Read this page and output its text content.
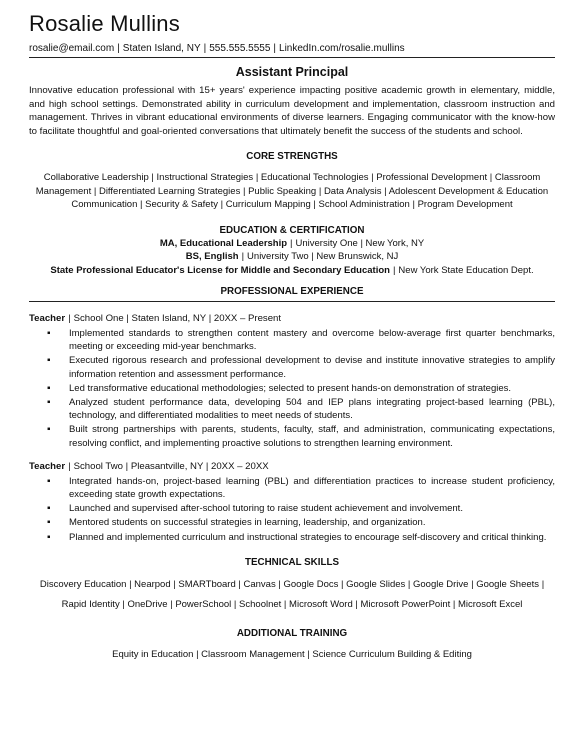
Rosalie Mullins
rosalie@email.com | Staten Island, NY | 555.555.5555 | LinkedIn.com/rosalie.mullins
Assistant Principal
Innovative education professional with 15+ years' experience impacting positive academic growth in elementary, middle, and high school settings. Demonstrated ability in curriculum development and implementation, classroom instruction and management. Thrives in vibrant educational environments of diverse learners. Engaging communicator with the know-how to facilitate thoughtful and goal-oriented conversations that ultimately benefit the success of the students and school.
CORE STRENGTHS
Collaborative Leadership | Instructional Strategies | Educational Technologies | Professional Development | Classroom
Management | Differentiated Learning Strategies | Public Speaking | Data Analysis | Adolescent Development & Education
Communication | Security & Safety | Curriculum Mapping | School Administration | Program Development
EDUCATION & CERTIFICATION
MA, Educational Leadership | University One | New York, NY
BS, English | University Two | New Brunswick, NJ
State Professional Educator's License for Middle and Secondary Education | New York State Education Dept.
PROFESSIONAL EXPERIENCE
Teacher | School One | Staten Island, NY | 20XX – Present
▪ Implemented standards to strengthen content mastery and overcome below-average first quarter benchmarks, meeting or exceeding mid-year benchmarks.
▪ Executed rigorous research and professional development to devise and institute innovative strategies to amplify information retention and assessment performance.
▪ Led transformative educational methodologies; selected to present hands-on demonstration of strategies.
▪ Analyzed student performance data, developing 504 and IEP plans integrating project-based learning (PBL), technology, and differentiated modalities to meet needs of students.
▪ Built strong partnerships with parents, students, faculty, staff, and administration, communicating expectations, resolving conflict, and implementing proactive solutions to strengthen learning environment.
Teacher | School Two | Pleasantville, NY | 20XX – 20XX
▪ Integrated hands-on, project-based learning (PBL) and differentiation practices to increase student proficiency, exceeding state growth expectations.
▪ Launched and supervised after-school tutoring to raise student achievement and involvement.
▪ Mentored students on successful strategies in learning, leadership, and organization.
▪ Planned and implemented curriculum and instructional strategies to encourage self-discovery and critical thinking.
TECHNICAL SKILLS
Discovery Education | Nearpod | SMARTboard | Canvas | Google Docs | Google Slides | Google Drive | Google Sheets |
Rapid Identity | OneDrive | PowerSchool | Schoolnet | Microsoft Word | Microsoft PowerPoint | Microsoft Excel
ADDITIONAL TRAINING
Equity in Education | Classroom Management | Science Curriculum Building & Editing
